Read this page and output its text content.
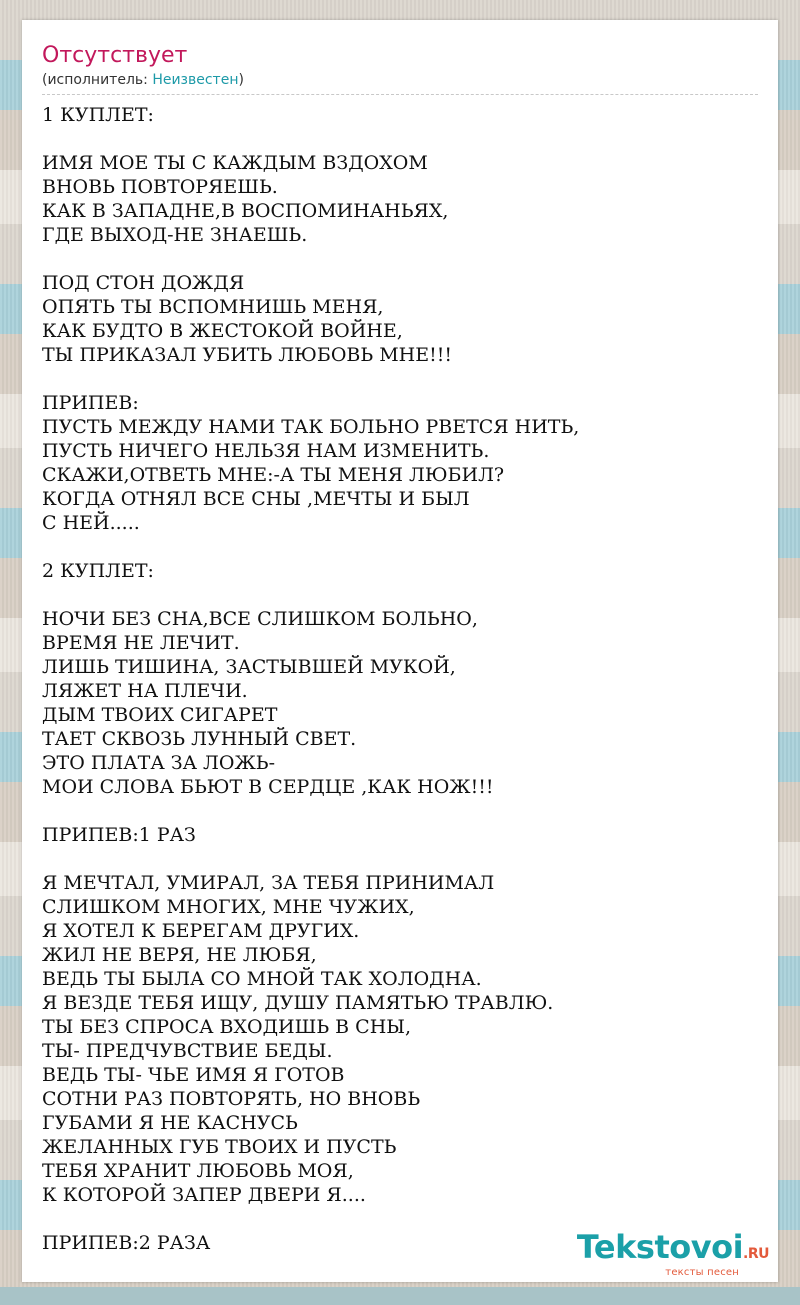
Отсутствует
(исполнитель: Неизвестен)
1 КУПЛЕТ:

ИМЯ МОЕ ТЫ С КАЖДЫМ ВЗДОХОМ
ВНОВЬ ПОВТОРЯЕШЬ.
КАК В ЗАПАДНЕ,В ВОСПОМИНАНЬЯХ,
ГДЕ ВЫХОД-НЕ ЗНАЕШЬ.

ПОД СТОН ДОЖДЯ
ОПЯТЬ ТЫ ВСПОМНИШЬ МЕНЯ,
КАК БУДТО В ЖЕСТОКОЙ ВОЙНЕ,
ТЫ ПРИКАЗАЛ УБИТЬ ЛЮБОВЬ МНЕ!!!

ПРИПЕВ:
ПУСТЬ МЕЖДУ НАМИ ТАК БОЛЬНО РВЕТСЯ НИТЬ,
ПУСТЬ НИЧЕГО НЕЛЬЗЯ НАМ ИЗМЕНИТЬ.
СКАЖИ,ОТВЕТЬ МНЕ:-А ТЫ МЕНЯ ЛЮБИЛ?
КОГДА ОТНЯЛ ВСЕ СНЫ ,МЕЧТЫ И БЫЛ
С НЕЙ.....

2 КУПЛЕТ:

НОЧИ БЕЗ СНА,ВСЕ СЛИШКОМ БОЛЬНО,
ВРЕМЯ НЕ ЛЕЧИТ.
ЛИШЬ ТИШИНА, ЗАСТЫВШЕЙ МУКОЙ,
ЛЯЖЕТ НА ПЛЕЧИ.
ДЫМ ТВОИХ СИГАРЕТ
ТАЕТ СКВОЗЬ ЛУННЫЙ СВЕТ.
ЭТО ПЛАТА ЗА ЛОЖЬ-
МОИ СЛОВА БЬЮТ В СЕРДЦЕ ,КАК НОЖ!!!

ПРИПЕВ:1 РАЗ

Я МЕЧТАЛ, УМИРАЛ, ЗА ТЕБЯ ПРИНИМАЛ
СЛИШКОМ МНОГИХ, МНЕ ЧУЖИХ,
Я ХОТЕЛ К БЕРЕГАМ ДРУГИХ.
ЖИЛ НЕ ВЕРЯ, НЕ ЛЮБЯ,
ВЕДЬ ТЫ БЫЛА СО МНОЙ ТАК ХОЛОДНА.
Я ВЕЗДЕ ТЕБЯ ИЩУ, ДУШУ ПАМЯТЬЮ ТРАВЛЮ.
ТЫ БЕЗ СПРОСА ВХОДИШЬ В СНЫ,
ТЫ- ПРЕДЧУВСТВИЕ БЕДЫ.
ВЕДЬ ТЫ- ЧЬЕ ИМЯ Я ГОТОВ
СОТНИ РАЗ ПОВТОРЯТЬ, НО ВНОВЬ
ГУБАМИ Я НЕ КАСНУСЬ
ЖЕЛАННЫХ ГУБ ТВОИХ И ПУСТЬ
ТЕБЯ ХРАНИТ ЛЮБОВЬ МОЯ,
К КОТОРОЙ ЗАПЕР ДВЕРИ Я....

ПРИПЕВ:2 РАЗА	Tekstovoi.RU
тексты песен
